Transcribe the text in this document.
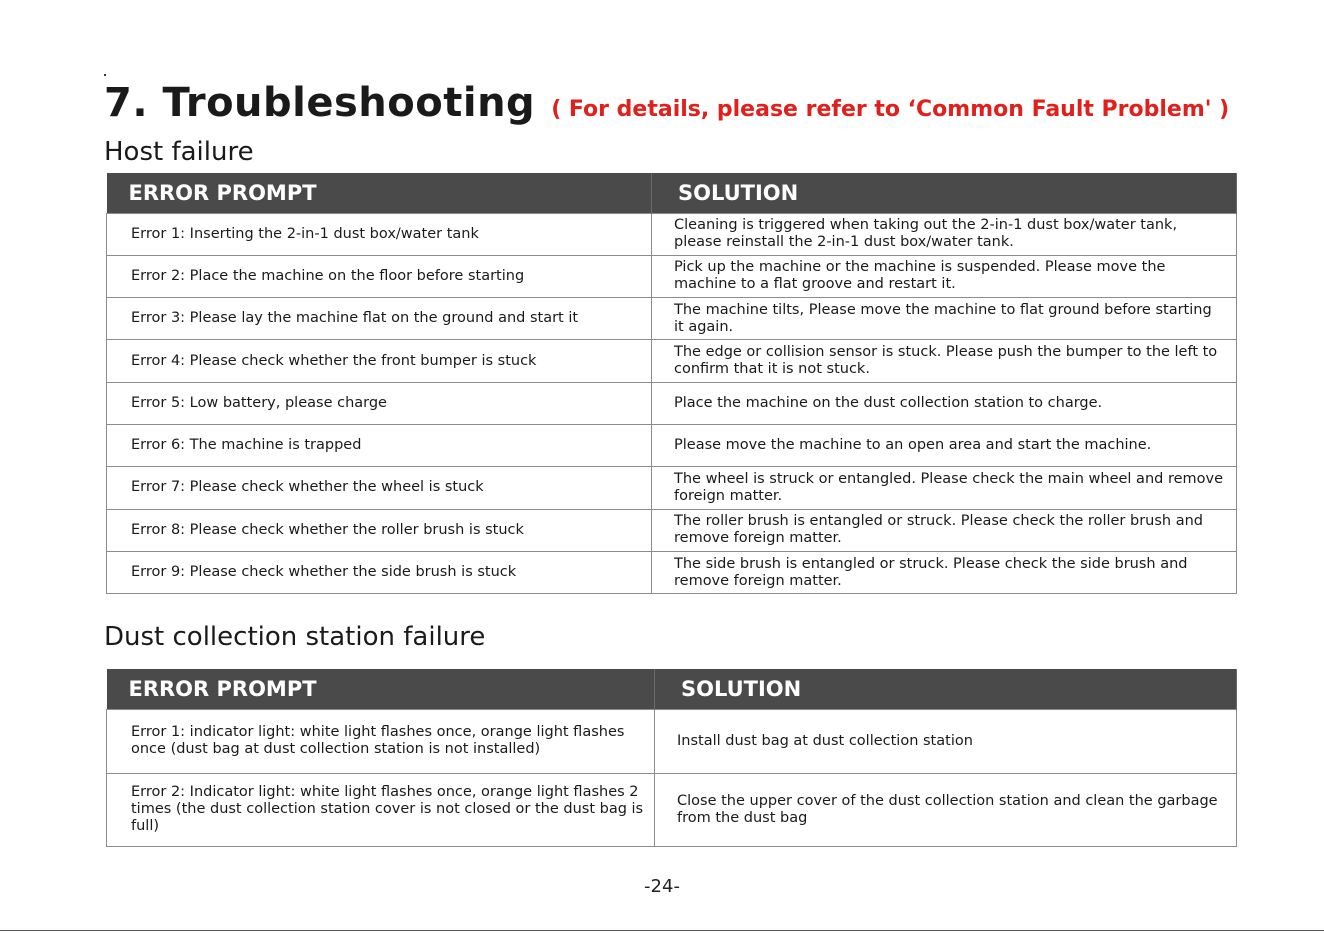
7. Troubleshooting ( For details, please refer to ‘Common Fault Problem' )
Host failure
ERROR PROMPT	SOLUTION
Error 1: Inserting the 2-in-1 dust box/water tank	Cleaning is triggered when taking out the 2-in-1 dust box/water tank, please reinstall the 2-in-1 dust box/water tank.
Error 2: Place the machine on the floor before starting	Pick up the machine or the machine is suspended. Please move the machine to a flat groove and restart it.
Error 3: Please lay the machine flat on the ground and start it	The machine tilts, Please move the machine to flat ground before starting it again.
Error 4: Please check whether the front bumper is stuck	The edge or collision sensor is stuck. Please push the bumper to the left to confirm that it is not stuck.
Error 5: Low battery, please charge	Place the machine on the dust collection station to charge.
Error 6: The machine is trapped	Please move the machine to an open area and start the machine.
Error 7: Please check whether the wheel is stuck	The wheel is struck or entangled. Please check the main wheel and remove foreign matter.
Error 8: Please check whether the roller brush is stuck	The roller brush is entangled or struck. Please check the roller brush and remove foreign matter.
Error 9: Please check whether the side brush is stuck	The side brush is entangled or struck. Please check the side brush and remove foreign matter.
Dust collection station failure
ERROR PROMPT	SOLUTION
Error 1: indicator light: white light flashes once, orange light flashes once (dust bag at dust collection station is not installed)	Install dust bag at dust collection station
Error 2: Indicator light: white light flashes once, orange light flashes 2 times (the dust collection station cover is not closed or the dust bag is full)	Close the upper cover of the dust collection station and clean the garbage from the dust bag
-24-
